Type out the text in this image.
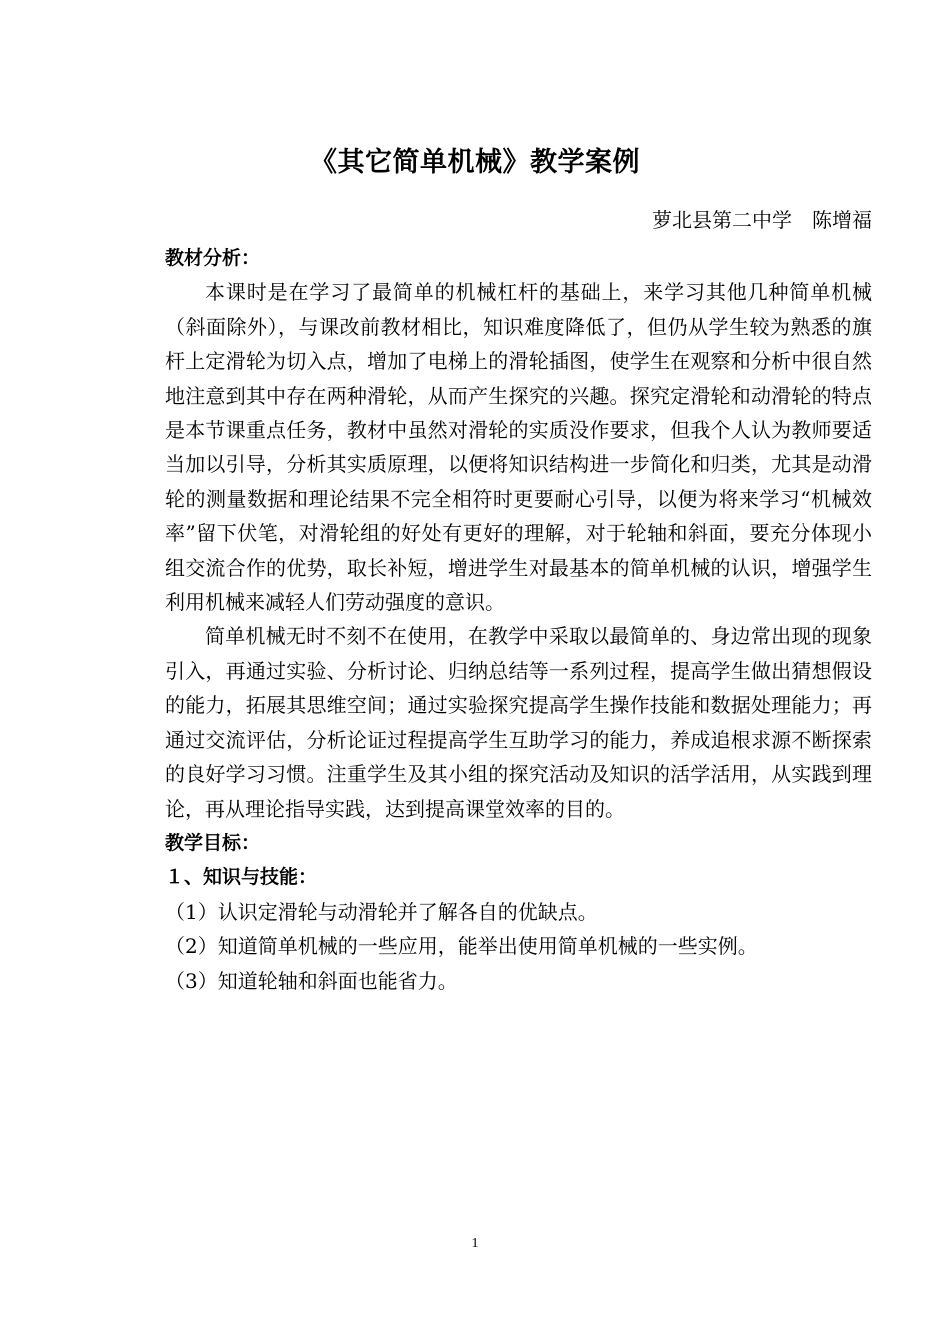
《其它简单机械》教学案例
萝北县第二中学　陈增福

教材分析：

本课时是在学习了最简单的机械杠杆的基础上，来学习其他几种简单机械（斜面除外），与课改前教材相比，知识难度降低了，但仍从学生较为熟悉的旗杆上定滑轮为切入点，增加了电梯上的滑轮插图，使学生在观察和分析中很自然地注意到其中存在两种滑轮，从而产生探究的兴趣。探究定滑轮和动滑轮的特点是本节课重点任务，教材中虽然对滑轮的实质没作要求，但我个人认为教师要适当加以引导，分析其实质原理，以便将知识结构进一步简化和归类，尤其是动滑轮的测量数据和理论结果不完全相符时更要耐心引导，以便为将来学习“机械效率”留下伏笔，对滑轮组的好处有更好的理解，对于轮轴和斜面，要充分体现小组交流合作的优势，取长补短，增进学生对最基本的简单机械的认识，增强学生利用机械来减轻人们劳动强度的意识。

简单机械无时不刻不在使用，在教学中采取以最简单的、身边常出现的现象引入，再通过实验、分析讨论、归纳总结等一系列过程，提高学生做出猜想假设的能力，拓展其思维空间；通过实验探究提高学生操作技能和数据处理能力；再通过交流评估，分析论证过程提高学生互助学习的能力，养成追根求源不断探索的良好学习习惯。注重学生及其小组的探究活动及知识的活学活用，从实践到理论，再从理论指导实践，达到提高课堂效率的目的。

教学目标：

１、知识与技能：

（1）认识定滑轮与动滑轮并了解各自的优缺点。

（2）知道简单机械的一些应用，能举出使用简单机械的一些实例。

（3）知道轮轴和斜面也能省力。

1
